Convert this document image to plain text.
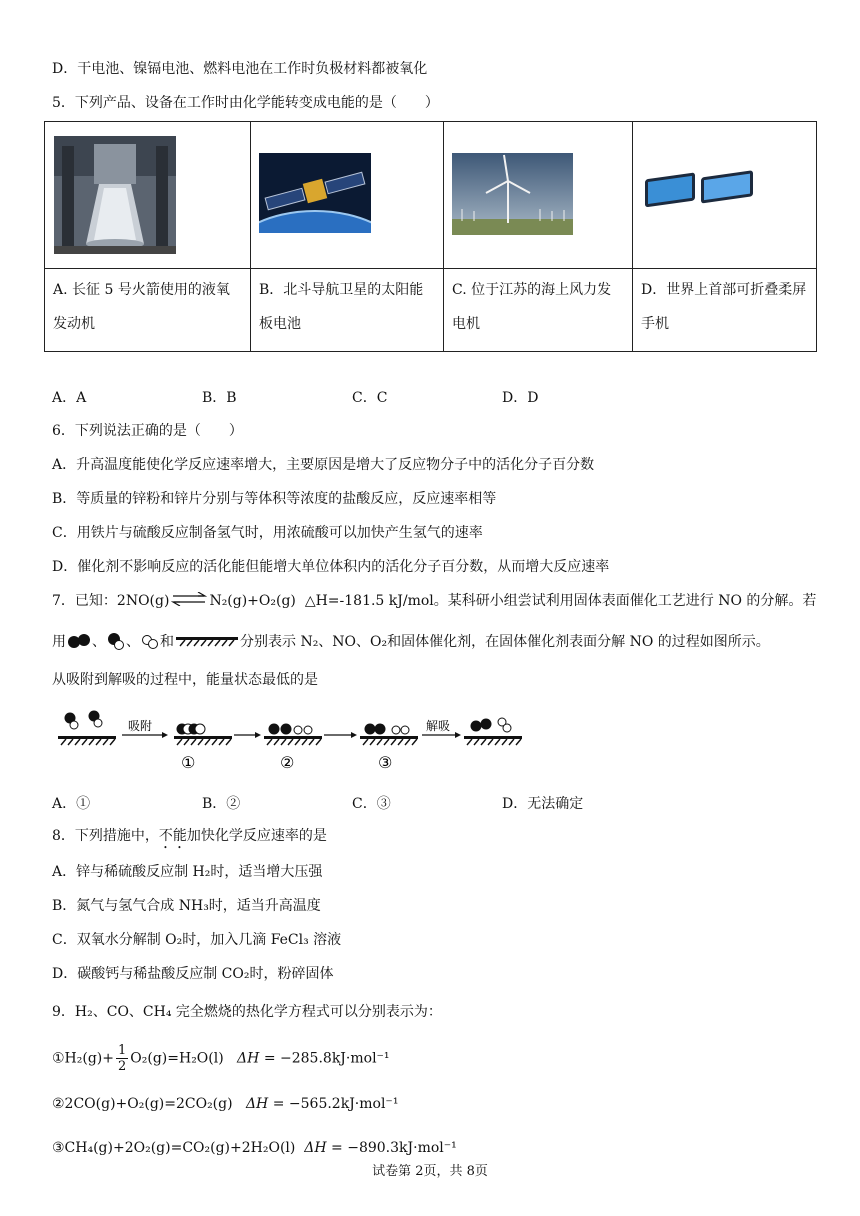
D．干电池、镍镉电池、燃料电池在工作时负极材料都被氧化
5．下列产品、设备在工作时由化学能转变成电能的是（　　）

A. 长征 5 号火箭使用的液氧发动机	B．北斗导航卫星的太阳能板电池	C. 位于江苏的海上风力发电机	D．世界上首部可折叠柔屏手机
A．A	B．B	C．C	D．D
6．下列说法正确的是（　　）
A．升高温度能使化学反应速率增大，主要原因是增大了反应物分子中的活化分子百分数
B．等质量的锌粉和锌片分别与等体积等浓度的盐酸反应，反应速率相等
C．用铁片与硫酸反应制备氢气时，用浓硫酸可以加快产生氢气的速率
D．催化剂不影响反应的活化能但能增大单位体积内的活化分子百分数，从而增大反应速率
7．已知：2NO(g) ⇌ N₂(g)+O₂(g) △H=-181.5 kJ/mol。某科研小组尝试利用固体表面催化工艺进行 NO 的分解。若
用 、 、 和	分别表示 N₂、NO、O₂和固体催化剂，在固体催化剂表面分解 NO 的过程如图所示。
从吸附到解吸的过程中，能量状态最低的是
吸附
①	②	③
解吸
A．①	B．②	C．③	D．无法确定
8．下列措施中，不能加快化学反应速率的是
A．锌与稀硫酸反应制 H₂时，适当增大压强
B．氮气与氢气合成 NH₃时，适当升高温度
C．双氧水分解制 O₂时，加入几滴 FeCl₃ 溶液
D．碳酸钙与稀盐酸反应制 CO₂时，粉碎固体
9．H₂、CO、CH₄ 完全燃烧的热化学方程式可以分别表示为：
①H₂(g)+ $\frac{1}{2} O_2(g)=H_2O(l) \Delta H = -285.8kJ\cdot mol^{-1}$
②2CO(g)+O₂(g)=2CO₂(g) ΔH = −565.2kJ·mol⁻¹
③CH₄(g)+2O₂(g)=CO₂(g)+2H₂O(l) ΔH = −890.3kJ·mol⁻¹
试卷第 2页，共 8页
